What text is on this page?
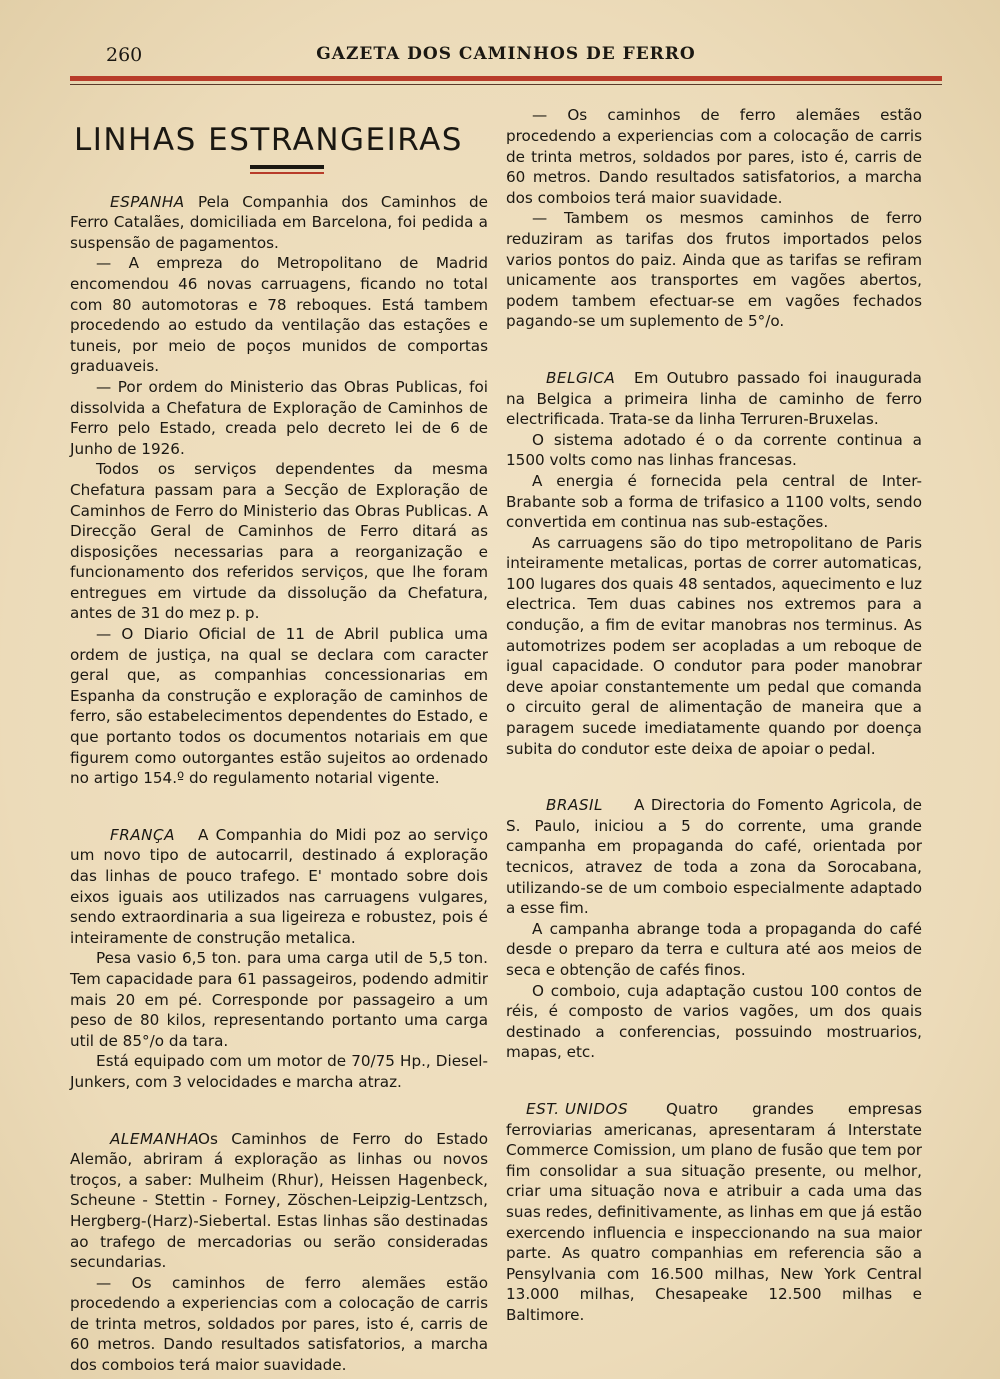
260	GAZETA DOS CAMINHOS DE FERRO
LINHAS ESTRANGEIRAS

ESPANHA Pela Companhia dos Caminhos de Ferro Catalães, domiciliada em Barcelona, foi pedida a suspensão de pagamentos.

— A empreza do Metropolitano de Madrid encomendou 46 novas carruagens, ficando no total com 80 automotoras e 78 reboques. Está tambem procedendo ao estudo da ventilação das estações e tuneis, por meio de poços munidos de comportas graduaveis.

— Por ordem do Ministerio das Obras Publicas, foi dissolvida a Chefatura de Exploração de Caminhos de Ferro pelo Estado, creada pelo decreto lei de 6 de Junho de 1926.

Todos os serviços dependentes da mesma Chefatura passam para a Secção de Exploração de Caminhos de Ferro do Ministerio das Obras Publicas. A Direcção Geral de Caminhos de Ferro ditará as disposições necessarias para a reorganização e funcionamento dos referidos serviços, que lhe foram entregues em virtude da dissolução da Chefatura, antes de 31 do mez p. p.

— O Diario Oficial de 11 de Abril publica uma ordem de justiça, na qual se declara com caracter geral que, as companhias concessionarias em Espanha da construção e exploração de caminhos de ferro, são estabelecimentos dependentes do Estado, e que portanto todos os documentos notariais em que figurem como outorgantes estão sujeitos ao ordenado no artigo 154.º do regulamento notarial vigente.

FRANÇA A Companhia do Midi poz ao serviço um novo tipo de autocarril, destinado á exploração das linhas de pouco trafego. E' montado sobre dois eixos iguais aos utilizados nas carruagens vulgares, sendo extraordinaria a sua ligeireza e robustez, pois é inteiramente de construção metalica.

Pesa vasio 6,5 ton. para uma carga util de 5,5 ton. Tem capacidade para 61 passageiros, podendo admitir mais 20 em pé. Corresponde por passageiro a um peso de 80 kilos, representando portanto uma carga util de 85°/o da tara.

Está equipado com um motor de 70/75 Hp., Diesel-Junkers, com 3 velocidades e marcha atraz.

ALEMANHAOs Caminhos de Ferro do Estado Alemão, abriram á exploração as linhas ou novos troços, a saber: Mulheim (Rhur), Heissen Hagenbeck, Scheune - Stettin - Forney, Zöschen-Leipzig-Lentzsch, Hergberg-(Harz)-Siebertal. Estas linhas são destinadas ao trafego de mercadorias ou serão consideradas secundarias.

— Os caminhos de ferro alemães estão procedendo a experiencias com a colocação de carris de trinta metros, soldados por pares, isto é, carris de 60 metros. Dando resultados satisfatorios, a marcha dos comboios terá maior suavidade.

— Os caminhos de ferro alemães estão procedendo a experiencias com a colocação de carris de trinta metros, soldados por pares, isto é, carris de 60 metros. Dando resultados satisfatorios, a marcha dos comboios terá maior suavidade.

— Tambem os mesmos caminhos de ferro reduziram as tarifas dos frutos importados pelos varios pontos do paiz. Ainda que as tarifas se refiram unicamente aos transportes em vagões abertos, podem tambem efectuar-se em vagões fechados pagando-se um suplemento de 5°/o.

BELGICA Em Outubro passado foi inaugurada na Belgica a primeira linha de caminho de ferro electrificada. Trata-se da linha Terruren-Bruxelas.

O sistema adotado é o da corrente continua a 1500 volts como nas linhas francesas.

A energia é fornecida pela central de Inter-Brabante sob a forma de trifasico a 1100 volts, sendo convertida em continua nas sub-estações.

As carruagens são do tipo metropolitano de Paris inteiramente metalicas, portas de correr automaticas, 100 lugares dos quais 48 sentados, aquecimento e luz electrica. Tem duas cabines nos extremos para a condução, a fim de evitar manobras nos terminus. As automotrizes podem ser acopladas a um reboque de igual capacidade. O condutor para poder manobrar deve apoiar constantemente um pedal que comanda o circuito geral de alimentação de maneira que a paragem sucede imediatamente quando por doença subita do condutor este deixa de apoiar o pedal.

BRASIL A Directoria do Fomento Agricola, de S. Paulo, iniciou a 5 do corrente, uma grande campanha em propaganda do café, orientada por tecnicos, atravez de toda a zona da Sorocabana, utilizando-se de um comboio especialmente adaptado a esse fim.

A campanha abrange toda a propaganda do café desde o preparo da terra e cultura até aos meios de seca e obtenção de cafés finos.

O comboio, cuja adaptação custou 100 contos de réis, é composto de varios vagões, um dos quais destinado a conferencias, possuindo mostruarios, mapas, etc.

EST. UNIDOS Quatro grandes empresas ferroviarias americanas, apresentaram á Interstate Commerce Comission, um plano de fusão que tem por fim consolidar a sua situação presente, ou melhor, criar uma situação nova e atribuir a cada uma das suas redes, definitivamente, as linhas em que já estão exercendo influencia e inspeccionando na sua maior parte. As quatro companhias em referencia são a Pensylvania com 16.500 milhas, New York Central 13.000 milhas, Chesapeake 12.500 milhas e Baltimore.
